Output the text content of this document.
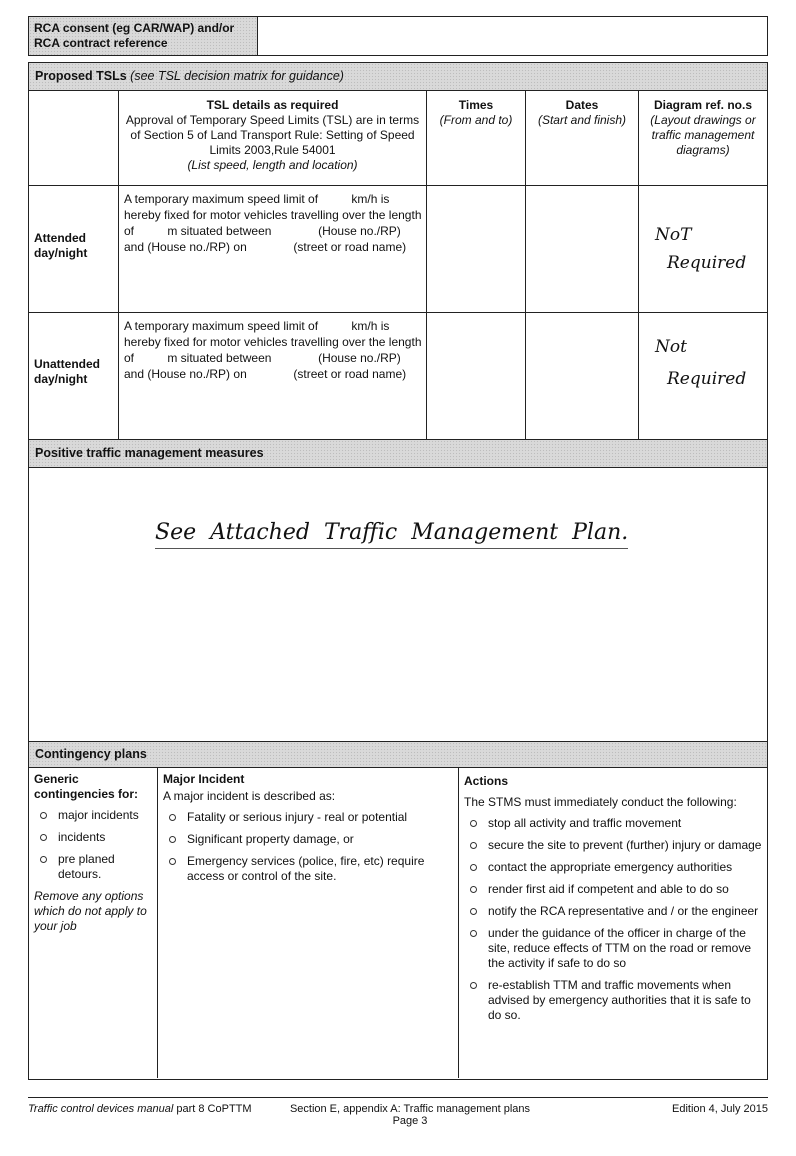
RCA consent (eg CAR/WAP) and/or
RCA contract reference
Proposed TSLs (see TSL decision matrix for guidance)
TSL details as required
Approval of Temporary Speed Limits (TSL) are in terms of Section 5 of Land Transport Rule: Setting of Speed Limits 2003,Rule 54001
(List speed, length and location)
Times
(From and to)
Dates
(Start and finish)
Diagram ref. no.s
(Layout drawings or traffic management diagrams)
Attended
day/night
A temporary maximum speed limit of          km/h is hereby fixed for motor vehicles travelling over the length of          m situated between              (House no./RP) and (House no./RP) on              (street or road name)
NoT
Required
Unattended
day/night
A temporary maximum speed limit of          km/h is hereby fixed for motor vehicles travelling over the length of          m situated between              (House no./RP) and (House no./RP) on              (street or road name)
Not
Required
Positive traffic management measures
See  Attached  Traffic  Management  Plan.
Contingency plans
Generic
contingencies for:
major incidents
incidents
pre planed detours.
Remove any options which do not apply to your job
Major Incident
A major incident is described as:
Fatality or serious injury - real or potential
Significant property damage, or
Emergency services (police, fire, etc) require access or control of the site.
Actions
The STMS must immediately conduct the following:
stop all activity and traffic movement
secure the site to prevent (further) injury or damage
contact the appropriate emergency authorities
render first aid if competent and able to do so
notify the RCA representative and / or the engineer
under the guidance of the officer in charge of the site, reduce effects of TTM on the road or remove the activity if safe to do so
re-establish TTM and traffic movements when advised by emergency authorities that it is safe to do so.
Traffic control devices manual part 8 CoPTTM	Section E, appendix A: Traffic management plans
Page 3
Edition 4, July 2015
